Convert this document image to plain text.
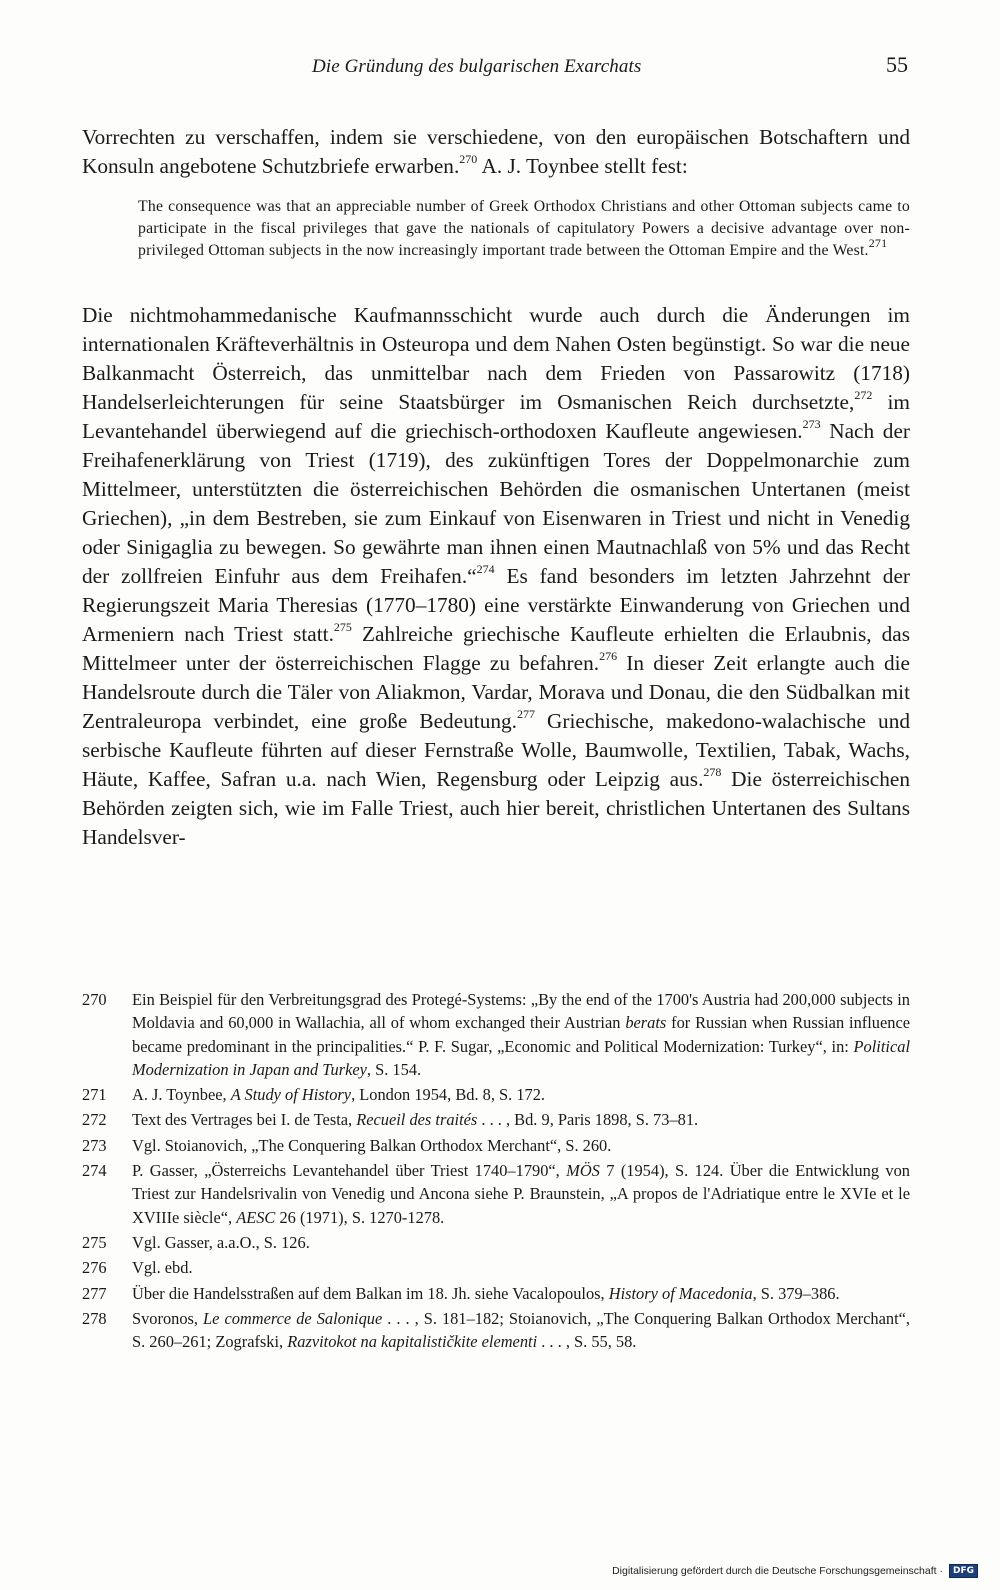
Die Gründung des bulgarischen Exarchats	55
Vorrechten zu verschaffen, indem sie verschiedene, von den europäischen Botschaftern und Konsuln angebotene Schutzbriefe erwarben.$^{270}$ A. J. Toynbee stellt fest:
The consequence was that an appreciable number of Greek Orthodox Christians and other Ottoman subjects came to participate in the fiscal privileges that gave the nationals of capitulatory Powers a decisive advantage over non-privileged Ottoman subjects in the now increasingly important trade between the Ottoman Empire and the West.$^{271}$
Die nichtmohammedanische Kaufmannsschicht wurde auch durch die Änderungen im internationalen Kräfteverhältnis in Osteuropa und dem Nahen Osten begünstigt. So war die neue Balkanmacht Österreich, das unmittelbar nach dem Frieden von Passarowitz (1718) Handelserleichterungen für seine Staatsbürger im Osmanischen Reich durchsetzte,$^{272}$ im Levantehandel überwiegend auf die griechisch-orthodoxen Kaufleute angewiesen.$^{273}$ Nach der Freihafenerklärung von Triest (1719), des zukünftigen Tores der Doppelmonarchie zum Mittelmeer, unterstützten die österreichischen Behörden die osmanischen Untertanen (meist Griechen), „in dem Bestreben, sie zum Einkauf von Eisenwaren in Triest und nicht in Venedig oder Sinigaglia zu bewegen. So gewährte man ihnen einen Mautnachlaß von 5% und das Recht der zollfreien Einfuhr aus dem Freihafen.“$^{274}$ Es fand besonders im letzten Jahrzehnt der Regierungszeit Maria Theresias (1770–1780) eine verstärkte Einwanderung von Griechen und Armeniern nach Triest statt.$^{275}$ Zahlreiche griechische Kaufleute erhielten die Erlaubnis, das Mittelmeer unter der österreichischen Flagge zu befahren.$^{276}$ In dieser Zeit erlangte auch die Handelsroute durch die Täler von Aliakmon, Vardar, Morava und Donau, die den Südbalkan mit Zentraleuropa verbindet, eine große Bedeutung.$^{277}$ Griechische, makedono-walachische und serbische Kaufleute führten auf dieser Fernstraße Wolle, Baumwolle, Textilien, Tabak, Wachs, Häute, Kaffee, Safran u.a. nach Wien, Regensburg oder Leipzig aus.$^{278}$ Die österreichischen Behörden zeigten sich, wie im Falle Triest, auch hier bereit, christlichen Untertanen des Sultans Handelsver-
270	Ein Beispiel für den Verbreitungsgrad des Protegé-Systems: „By the end of the 1700's Austria had 200,000 subjects in Moldavia and 60,000 in Wallachia, all of whom exchanged their Austrian berats for Russian when Russian influence became predominant in the principalities.“ P. F. Sugar, „Economic and Political Modernization: Turkey“, in: Political Modernization in Japan and Turkey, S. 154.
271	A. J. Toynbee, A Study of History, London 1954, Bd. 8, S. 172.
272	Text des Vertrages bei I. de Testa, Recueil des traités . . . , Bd. 9, Paris 1898, S. 73–81.
273	Vgl. Stoianovich, „The Conquering Balkan Orthodox Merchant“, S. 260.
274	P. Gasser, „Österreichs Levantehandel über Triest 1740–1790“, MÖS 7 (1954), S. 124. Über die Entwicklung von Triest zur Handelsrivalin von Venedig und Ancona siehe P. Braunstein, „A propos de l'Adriatique entre le XVIe et le XVIIIe siècle“, AESC 26 (1971), S. 1270-1278.
275	Vgl. Gasser, a.a.O., S. 126.
276	Vgl. ebd.
277	Über die Handelsstraßen auf dem Balkan im 18. Jh. siehe Vacalopoulos, History of Macedonia, S. 379–386.
278	Svoronos, Le commerce de Salonique . . . , S. 181–182; Stoianovich, „The Conquering Balkan Orthodox Merchant“, S. 260–261; Zografski, Razvitokot na kapitalističkite elementi . . . , S. 55, 58.
Digitalisierung gefördert durch die Deutsche Forschungsgemeinschaft ·	DFG
